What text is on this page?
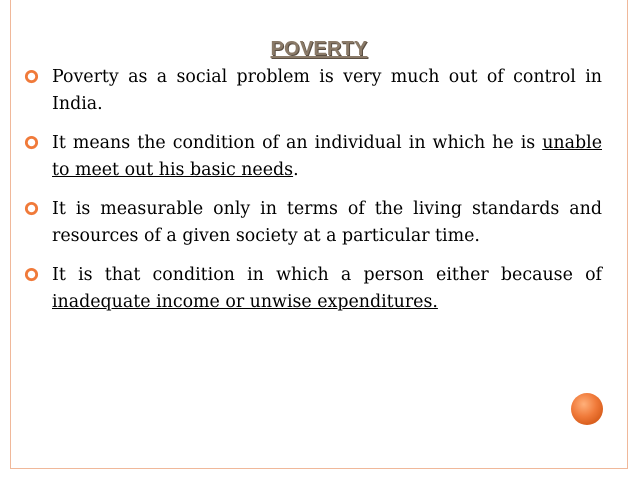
POVERTY
Poverty as a social problem is very much out of control in India.
It means the condition of an individual in which he is unable to meet out his basic needs.
It is measurable only in terms of the living standards and resources of a given society at a particular time.
It is that condition in which a person either because of inadequate income or unwise expenditures.
